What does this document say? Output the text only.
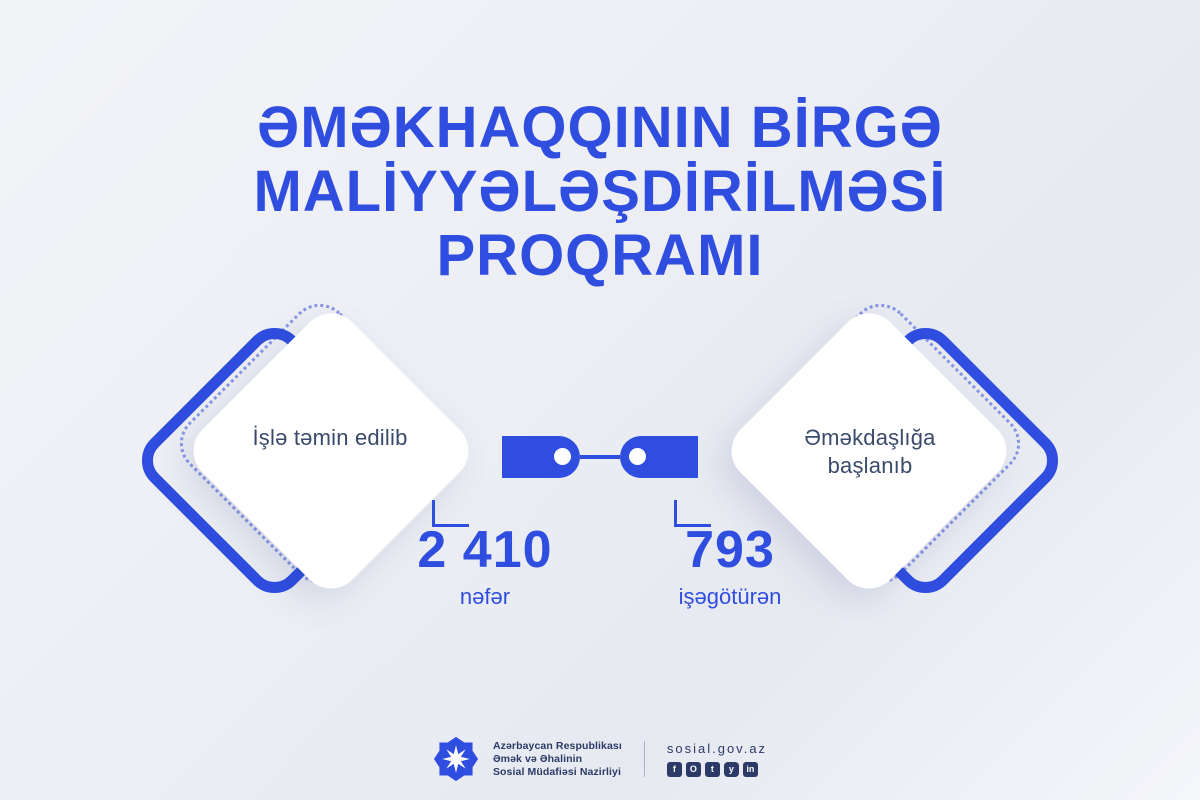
ƏMƏKHAQQININ BİRGƏ
MALİYYƏLƏŞDİRİLMƏSİ
PROQRAMI
İşlə təmin edilib	Əməkdaşlığa
başlanıb
2 410
nəfər
793
işəgötürən
Azərbaycan Respublikası
Əmək və Əhalinin
Sosial Müdafiəsi Nazirliyi
sosial.gov.az
f	O	t	y	in
